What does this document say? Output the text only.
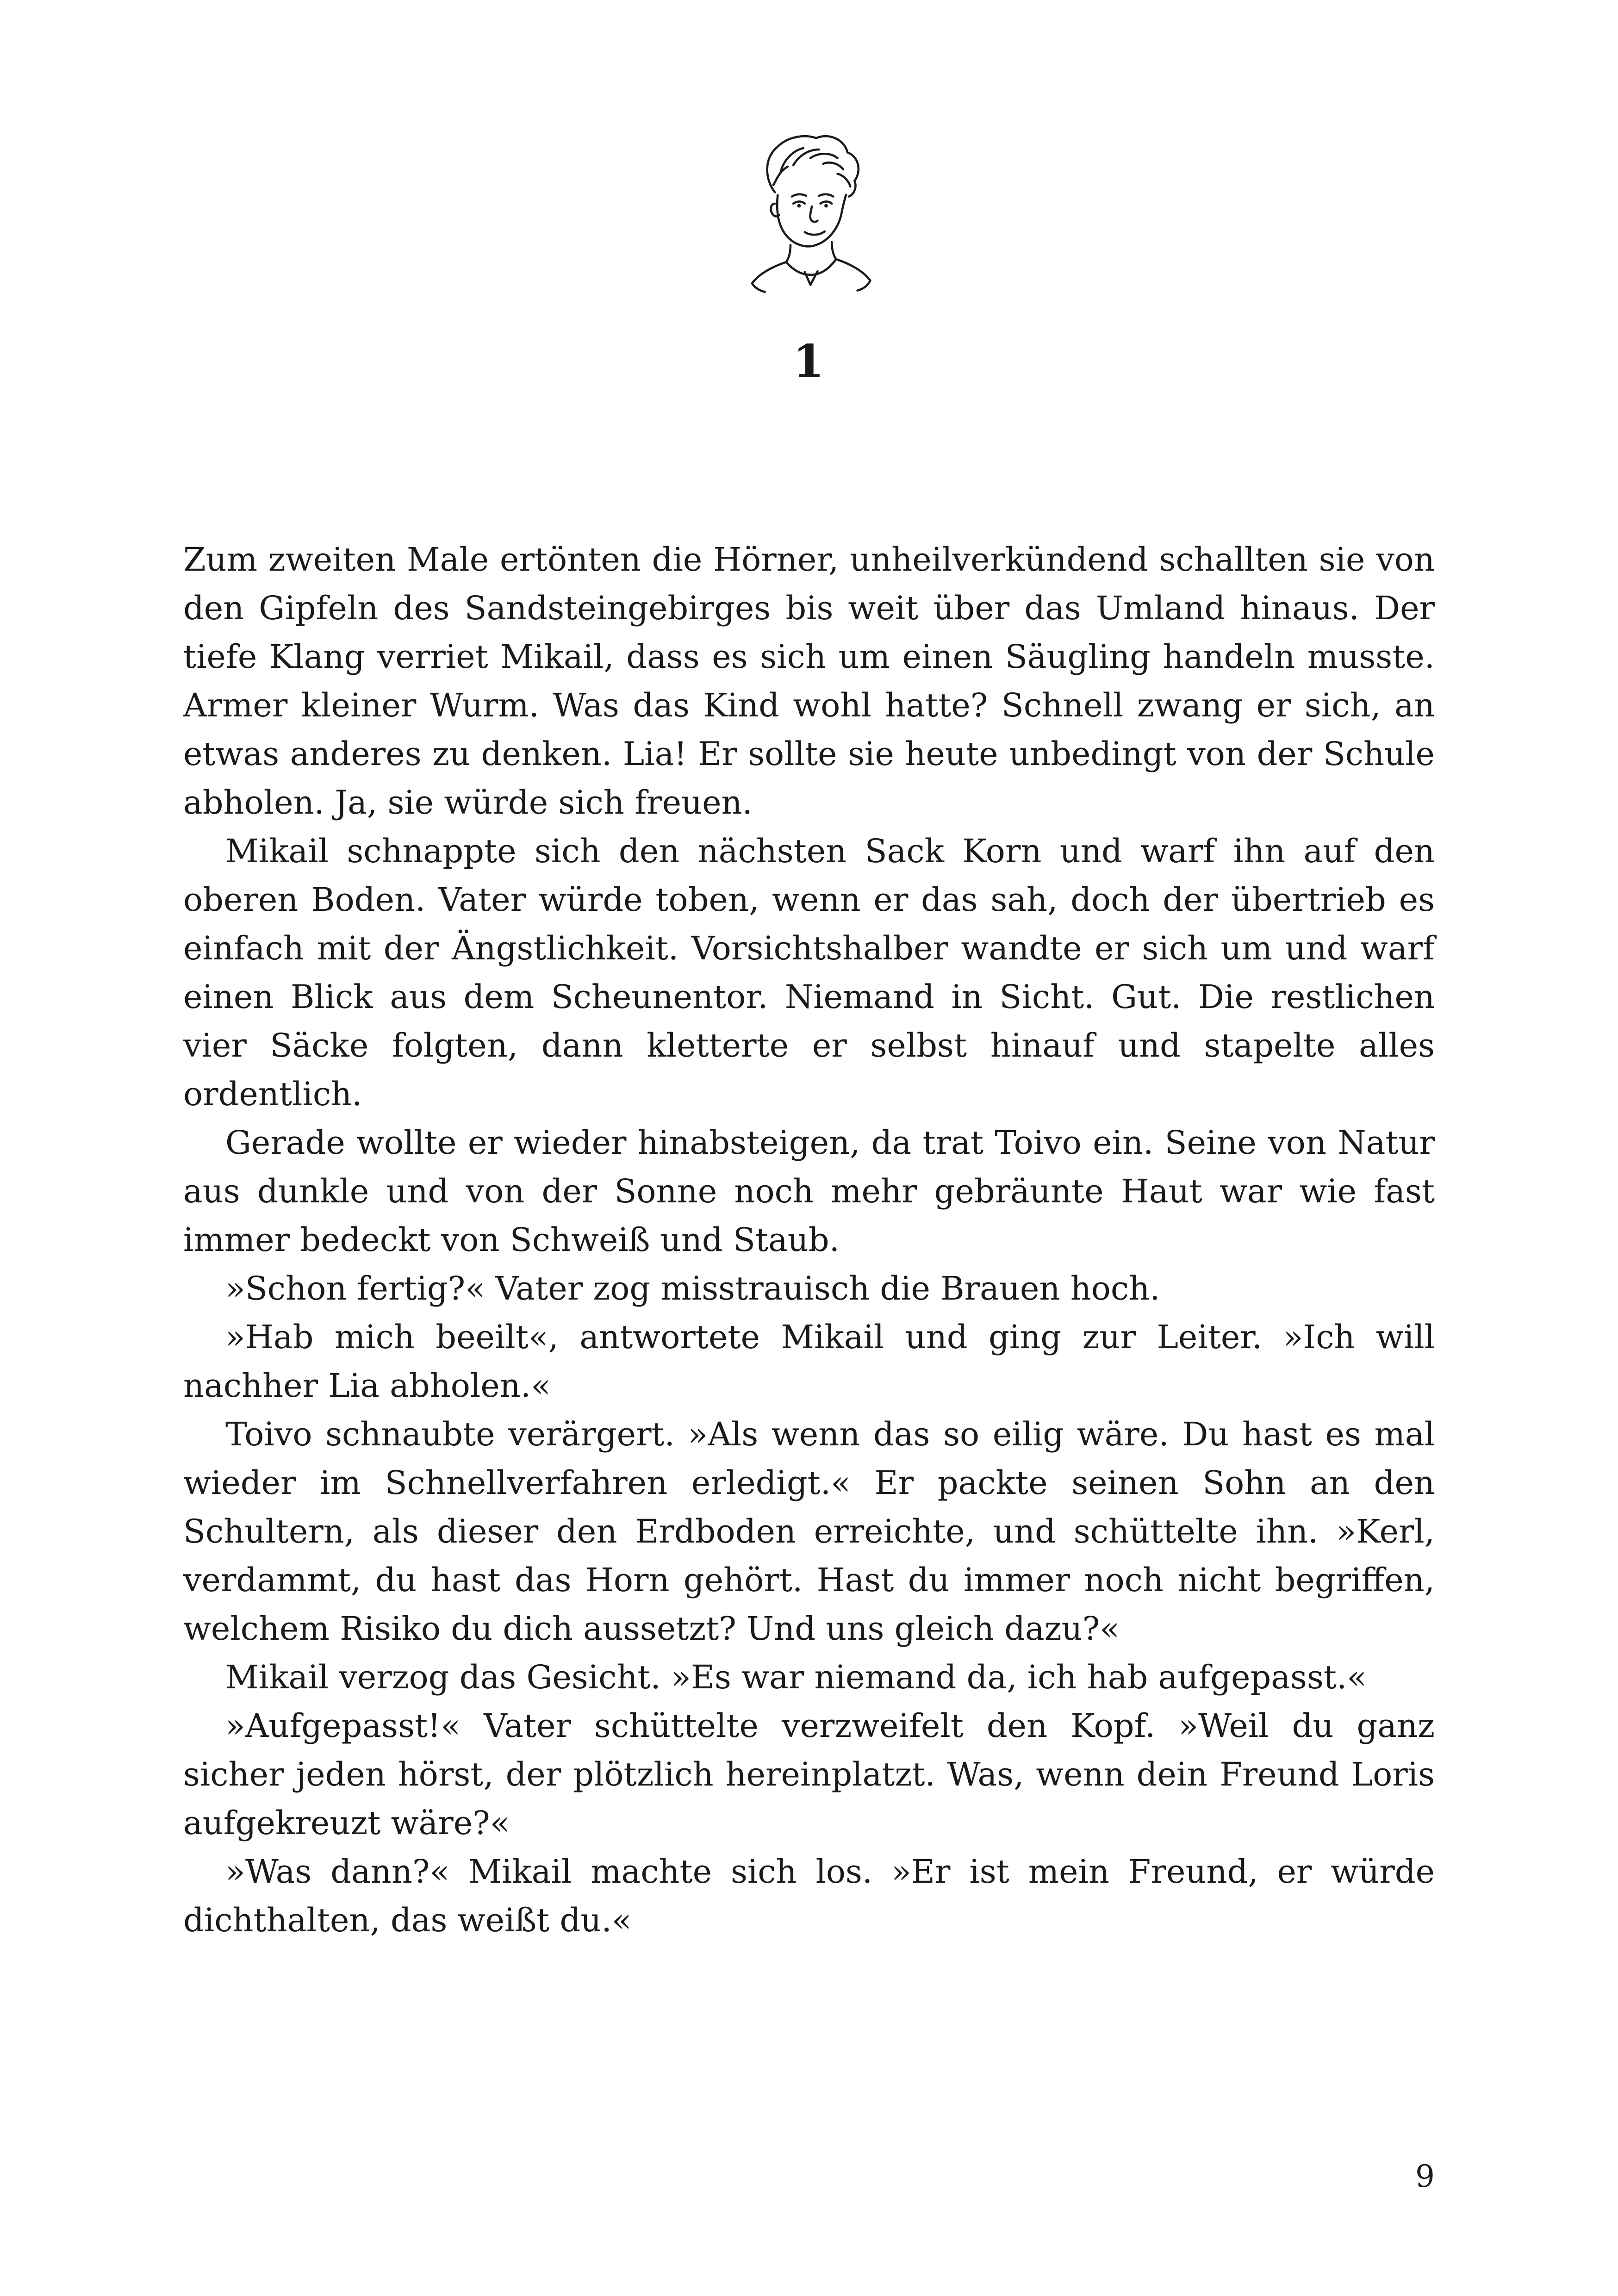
1

Zum zweiten Male ertönten die Hörner, unheilverkündend schallten sie von den Gipfeln des Sandsteingebirges bis weit über das Umland hinaus. Der tiefe Klang verriet Mikail, dass es sich um einen Säugling handeln musste. Armer kleiner Wurm. Was das Kind wohl hatte? Schnell zwang er sich, an etwas anderes zu denken. Lia! Er sollte sie heute unbedingt von der Schule abholen. Ja, sie würde sich freuen.

Mikail schnappte sich den nächsten Sack Korn und warf ihn auf den oberen Boden. Vater würde toben, wenn er das sah, doch der übertrieb es einfach mit der Ängstlichkeit. Vorsichtshalber wandte er sich um und warf einen Blick aus dem Scheunentor. Niemand in Sicht. Gut. Die restlichen vier Säcke folgten, dann kletterte er selbst hinauf und stapelte alles ordentlich.

Gerade wollte er wieder hinabsteigen, da trat Toivo ein. Seine von Natur aus dunkle und von der Sonne noch mehr gebräunte Haut war wie fast immer bedeckt von Schweiß und Staub.

»Schon fertig?« Vater zog misstrauisch die Brauen hoch.

»Hab mich beeilt«, antwortete Mikail und ging zur Leiter. »Ich will nachher Lia abholen.«

Toivo schnaubte verärgert. »Als wenn das so eilig wäre. Du hast es mal wieder im Schnellverfahren erledigt.« Er packte seinen Sohn an den Schultern, als dieser den Erdboden erreichte, und schüttelte ihn. »Kerl, verdammt, du hast das Horn gehört. Hast du immer noch nicht begriffen, welchem Risiko du dich aussetzt? Und uns gleich dazu?«

Mikail verzog das Gesicht. »Es war niemand da, ich hab aufgepasst.«

»Aufgepasst!« Vater schüttelte verzweifelt den Kopf. »Weil du ganz sicher jeden hörst, der plötzlich hereinplatzt. Was, wenn dein Freund Loris aufgekreuzt wäre?«

»Was dann?« Mikail machte sich los. »Er ist mein Freund, er würde dichthalten, das weißt du.«

9
